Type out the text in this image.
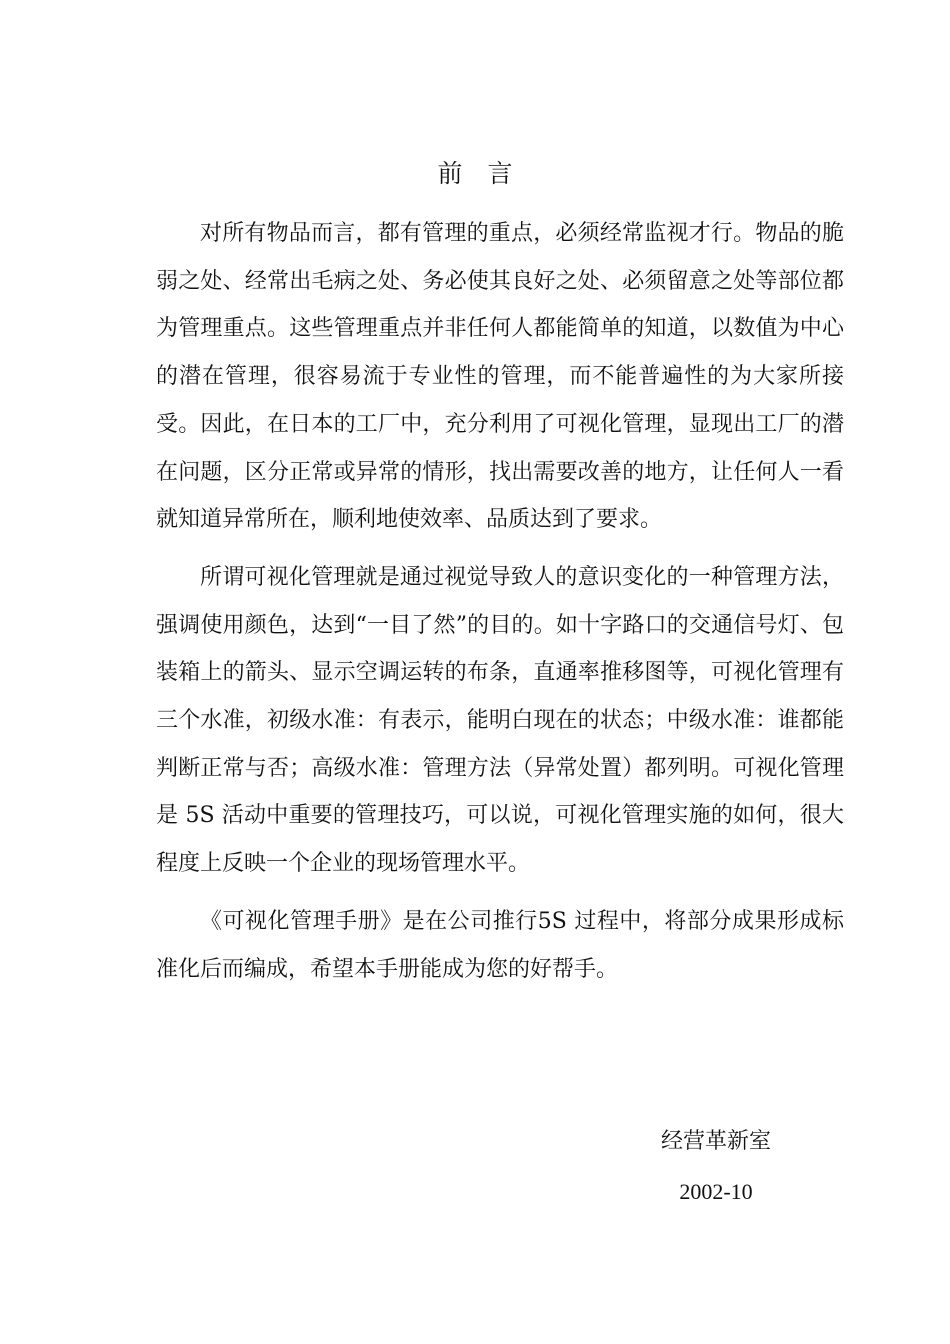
前　言

对所有物品而言，都有管理的重点，必须经常监视才行。物品的脆弱之处、经常出毛病之处、务必使其良好之处、必须留意之处等部位都为管理重点。这些管理重点并非任何人都能简单的知道，以数值为中心的潜在管理，很容易流于专业性的管理，而不能普遍性的为大家所接受。因此，在日本的工厂中，充分利用了可视化管理，显现出工厂的潜在问题，区分正常或异常的情形，找出需要改善的地方，让任何人一看就知道异常所在，顺利地使效率、品质达到了要求。

所谓可视化管理就是通过视觉导致人的意识变化的一种管理方法，强调使用颜色，达到“一目了然”的目的。如十字路口的交通信号灯、包装箱上的箭头、显示空调运转的布条，直通率推移图等，可视化管理有三个水准，初级水准：有表示，能明白现在的状态；中级水准：谁都能判断正常与否；高级水准：管理方法（异常处置）都列明。可视化管理是 5S 活动中重要的管理技巧，可以说，可视化管理实施的如何，很大程度上反映一个企业的现场管理水平。

《可视化管理手册》是在公司推行5S 过程中，将部分成果形成标准化后而编成，希望本手册能成为您的好帮手。

经营革新室
2002-10
